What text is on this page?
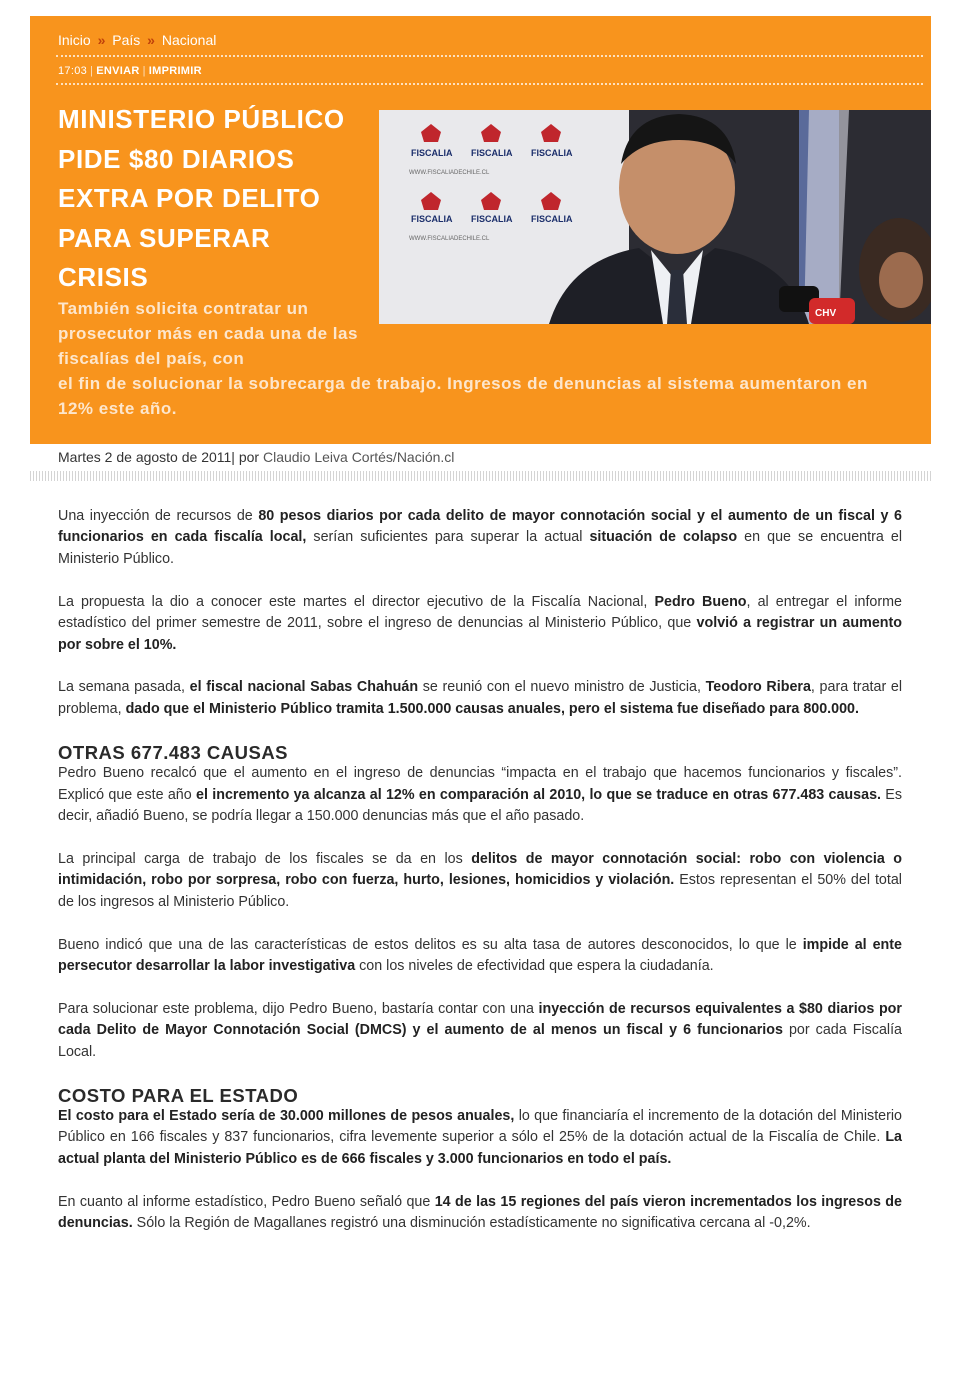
Inicio » País » Nacional
17:03 | ENVIAR | IMPRIMIR
MINISTERIO PÚBLICO PIDE $80 DIARIOS EXTRA POR DELITO PARA SUPERAR CRISIS
FISCALIA FISCALIA FISCALIA
FISCALIA FISCALIA FISCALIA
WWW.FISCALIADECHILE.CL
WWW.FISCALIADECHILE.CL
CHV

También solicita contratar un prosecutor más en cada una de las fiscalías del país, con
el fin de solucionar la sobrecarga de trabajo. Ingresos de denuncias al sistema aumentaron en 12% este año.

Martes 2 de agosto de 2011| por Claudio Leiva Cortés/Nación.cl

Una inyección de recursos de 80 pesos diarios por cada delito de mayor connotación social y el aumento de un fiscal y 6 funcionarios en cada fiscalía local, serían suficientes para superar la actual situación de colapso en que se encuentra el Ministerio Público.

La propuesta la dio a conocer este martes el director ejecutivo de la Fiscalía Nacional, Pedro Bueno, al entregar el informe estadístico del primer semestre de 2011, sobre el ingreso de denuncias al Ministerio Público, que volvió a registrar un aumento por sobre el 10%.

La semana pasada, el fiscal nacional Sabas Chahuán se reunió con el nuevo ministro de Justicia, Teodoro Ribera, para tratar el problema, dado que el Ministerio Público tramita 1.500.000 causas anuales, pero el sistema fue diseñado para 800.000.

OTRAS 677.483 CAUSAS

Pedro Bueno recalcó que el aumento en el ingreso de denuncias “impacta en el trabajo que hacemos funcionarios y fiscales”. Explicó que este año el incremento ya alcanza al 12% en comparación al 2010, lo que se traduce en otras 677.483 causas. Es decir, añadió Bueno, se podría llegar a 150.000 denuncias más que el año pasado.

La principal carga de trabajo de los fiscales se da en los delitos de mayor connotación social: robo con violencia o intimidación, robo por sorpresa, robo con fuerza, hurto, lesiones, homicidios y violación. Estos representan el 50% del total de los ingresos al Ministerio Público.

Bueno indicó que una de las características de estos delitos es su alta tasa de autores desconocidos, lo que le impide al ente persecutor desarrollar la labor investigativa con los niveles de efectividad que espera la ciudadanía.

Para solucionar este problema, dijo Pedro Bueno, bastaría contar con una inyección de recursos equivalentes a $80 diarios por cada Delito de Mayor Connotación Social (DMCS) y el aumento de al menos un fiscal y 6 funcionarios por cada Fiscalía Local.

COSTO PARA EL ESTADO

El costo para el Estado sería de 30.000 millones de pesos anuales, lo que financiaría el incremento de la dotación del Ministerio Público en 166 fiscales y 837 funcionarios, cifra levemente superior a sólo el 25% de la dotación actual de la Fiscalía de Chile. La actual planta del Ministerio Público es de 666 fiscales y 3.000 funcionarios en todo el país.

En cuanto al informe estadístico, Pedro Bueno señaló que 14 de las 15 regiones del país vieron incrementados los ingresos de denuncias. Sólo la Región de Magallanes registró una disminución estadísticamente no significativa cercana al -0,2%.
